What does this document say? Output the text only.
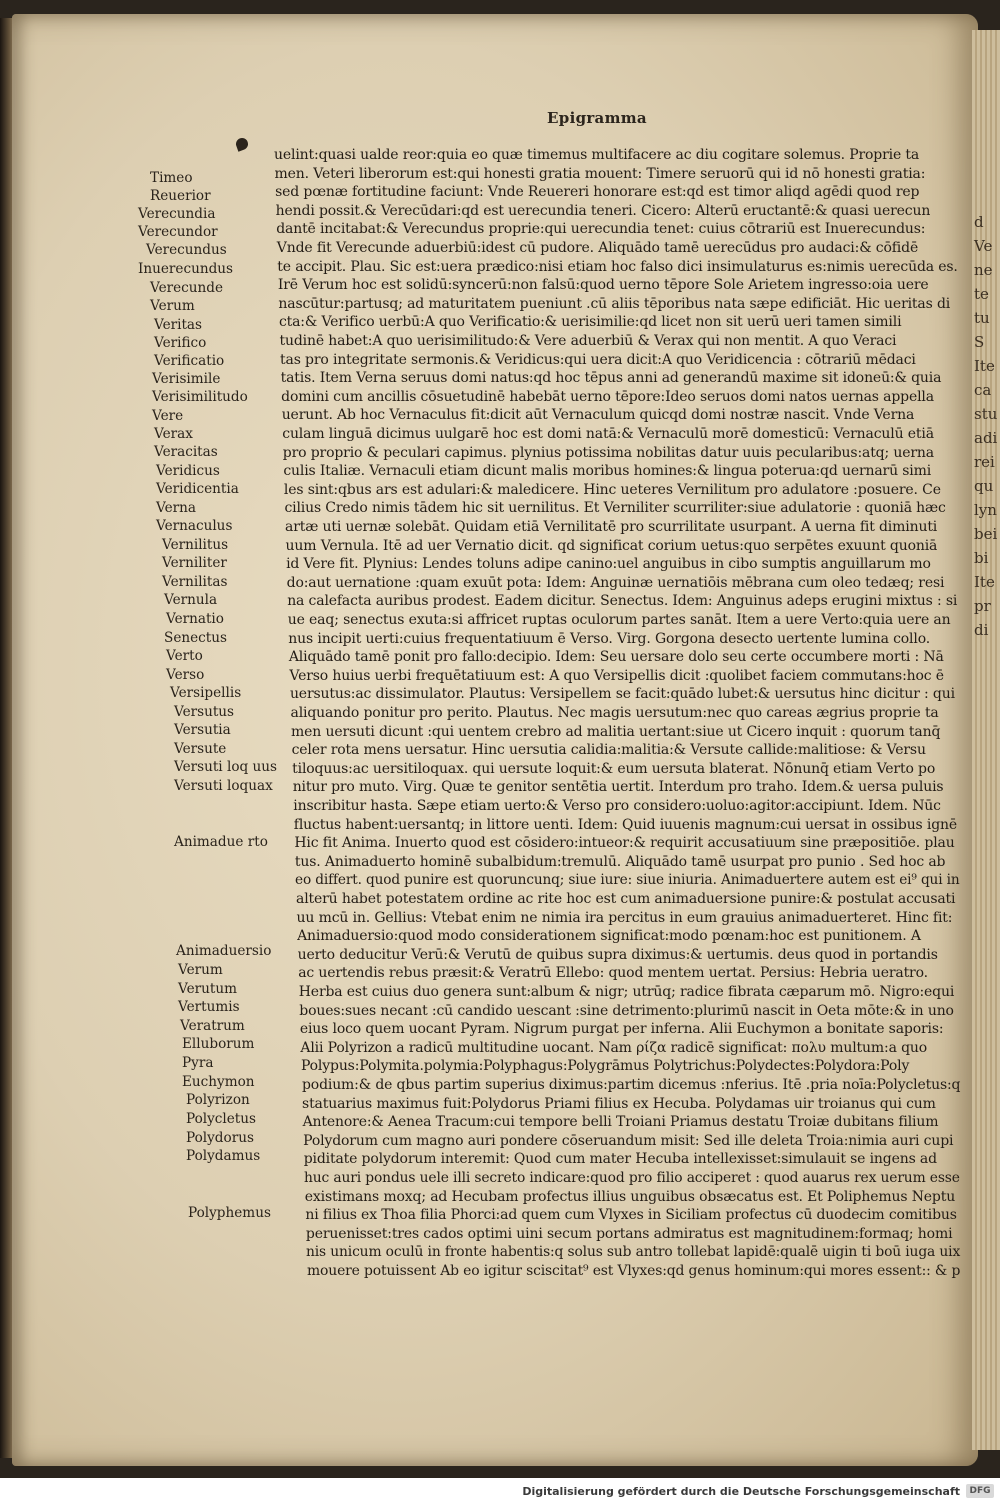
Epigramma
Timeo
Reuerior
Verecundia
Verecundor
Verecundus
Inuerecundus
Verecunde
Verum
Veritas
Verifico
Verificatio
Verisimile
Verisimilitudo
Vere
Verax
Veracitas
Veridicus
Veridicentia
Verna
Vernaculus
Vernilitus
Verniliter
Vernilitas
Vernula
Vernatio
Senectus
Verto
Verso
Versipellis
Versutus
Versutia
Versute
Versuti loq uus
Versuti loquax
Animadue rto
Animaduersio
Verum
Verutum
Vertumis
Veratrum
Elluborum
Pyra
Euchymon
Polyrizon
Polycletus
Polydorus
Polydamus
Polyphemus
uelint:quasi ualde reor:quia eo quæ timemus multifacere ac diu cogitare solemus. Proprie ta
men. Veteri liberorum est:qui honesti gratia mouent: Timere seruorū qui id nō honesti gratia:
sed pœnæ fortitudine faciunt: Vnde Reuereri honorare est:qd est timor aliqd agēdi quod rep
hendi possit.& Verecūdari:qd est uerecundia teneri. Cicero: Alterū eructantē:& quasi uerecun
dantē incitabat:& Verecundus proprie:qui uerecundia tenet: cuius cōtrariū est Inuerecundus:
Vnde fit Verecunde aduerbiū:idest cū pudore. Aliquādo tamē uerecūdus pro audaci:& cōfidē
te accipit. Plau. Sic est:uera prædico:nisi etiam hoc falso dici insimulaturus es:nimis uerecūda es.
Irē Verum hoc est solidū:syncerū:non falsū:quod uerno tēpore Sole Arietem ingresso:oia uere
nascūtur:partusq; ad maturitatem pueniunt .cū aliis tēporibus nata sæpe edificiāt. Hic ueritas di
cta:& Verifico uerbū:A quo Verificatio:& uerisimilie:qd licet non sit uerū ueri tamen simili
tudinē habet:A quo uerisimilitudo:& Vere aduerbiū & Verax qui non mentit. A quo Veraci
tas pro integritate sermonis.& Veridicus:qui uera dicit:A quo Veridicencia : cōtrariū mēdaci
tatis. Item Verna seruus domi natus:qd hoc tēpus anni ad generandū maxime sit idoneū:& quia
domini cum ancillis cōsuetudinē habebāt uerno tēpore:Ideo seruos domi natos uernas appella
uerunt. Ab hoc Vernaculus fit:dicit aūt Vernaculum quicqd domi nostræ nascit. Vnde Verna
culam linguā dicimus uulgarē hoc est domi natā:& Vernaculū morē domesticū: Vernaculū etiā
pro proprio & peculari capimus. plynius potissima nobilitas datur uuis pecularibus:atq; uerna
culis Italiæ. Vernaculi etiam dicunt malis moribus homines:& lingua poterua:qd uernarū simi
les sint:qbus ars est adulari:& maledicere. Hinc ueteres Vernilitum pro adulatore :posuere. Ce
cilius Credo nimis tādem hic sit uernilitus. Et Verniliter scurriliter:siue adulatorie : quoniā hæc
artæ uti uernæ solebāt. Quidam etiā Vernilitatē pro scurrilitate usurpant. A uerna fit diminuti
uum Vernula. Itē ad uer Vernatio dicit. qd significat corium uetus:quo serpētes exuunt quoniā
id Vere fit. Plynius: Lendes toluns adipe canino:uel anguibus in cibo sumptis anguillarum mo
do:aut uernatione :quam exuūt pota: Idem: Anguinæ uernatiōis mēbrana cum oleo tedæq; resi
na calefacta auribus prodest. Eadem dicitur. Senectus. Idem: Anguinus adeps erugini mixtus : si
ue eaq; senectus exuta:si affricet ruptas oculorum partes sanāt. Item a uere Verto:quia uere an
nus incipit uerti:cuius frequentatiuum ē Verso. Virg. Gorgona desecto uertente lumina collo.
Aliquādo tamē ponit pro fallo:decipio. Idem: Seu uersare dolo seu certe occumbere morti : Nā
Verso huius uerbi frequētatiuum est: A quo Versipellis dicit :quolibet faciem commutans:hoc ē
uersutus:ac dissimulator. Plautus: Versipellem se facit:quādo lubet:& uersutus hinc dicitur : qui
aliquando ponitur pro perito. Plautus. Nec magis uersutum:nec quo careas ægrius proprie ta
men uersuti dicunt :qui uentem crebro ad malitia uertant:siue ut Cicero inquit : quorum tanq̄
celer rota mens uersatur. Hinc uersutia calidia:malitia:& Versute callide:malitiose: & Versu
tiloquus:ac uersitiloquax. qui uersute loquit:& eum uersuta blaterat. Nōnunq̄ etiam Verto po
nitur pro muto. Virg. Quæ te genitor sentētia uertit. Interdum pro traho. Idem.& uersa puluis
inscribitur hasta. Sæpe etiam uerto:& Verso pro considero:uoluo:agitor:accipiunt. Idem. Nūc
fluctus habent:uersantq; in littore uenti. Idem: Quid iuuenis magnum:cui uersat in ossibus ignē
Hic fit Anima. Inuerto quod est cōsidero:intueor:& requirit accusatiuum sine præpositiōe. plau
tus. Animaduerto hominē subalbidum:tremulū. Aliquādo tamē usurpat pro punio . Sed hoc ab
eo differt. quod punire est quoruncunq; siue iure: siue iniuria. Animaduertere autem est ei⁹ qui in
alterū habet potestatem ordine ac rite hoc est cum animaduersione punire:& postulat accusati
uu mcū in. Gellius: Vtebat enim ne nimia ira percitus in eum grauius animaduerteret. Hinc fit:
Animaduersio:quod modo considerationem significat:modo pœnam:hoc est punitionem. A
uerto deducitur Verū:& Verutū de quibus supra diximus:& uertumis. deus quod in portandis
ac uertendis rebus præsit:& Veratrū Ellebo: quod mentem uertat. Persius: Hebria ueratro.
Herba est cuius duo genera sunt:album & nigr; utrūq; radice fibrata cæparum mō. Nigro:equi
boues:sues necant :cū candido uescant :sine detrimento:plurimū nascit in Oeta mōte:& in uno
eius loco quem uocant Pyram. Nigrum purgat per inferna. Alii Euchymon a bonitate saporis:
Alii Polyrizon a radicū multitudine uocant. Nam ρίζα radicē significat: πολυ multum:a quo
Polypus:Polymita.polymia:Polyphagus:Polygrāmus Polytrichus:Polydectes:Polydora:Poly
podium:& de qbus partim superius diximus:partim dicemus :nferius. Itē .pria noīa:Polycletus:q
statuarius maximus fuit:Polydorus Priami filius ex Hecuba. Polydamas uir troianus qui cum
Antenore:& Aenea Tracum:cui tempore belli Troiani Priamus destatu Troiæ dubitans filium
Polydorum cum magno auri pondere cōseruandum misit: Sed ille deleta Troia:nimia auri cupi
piditate polydorum interemit: Quod cum mater Hecuba intellexisset:simulauit se ingens ad
huc auri pondus uele illi secreto indicare:quod pro filio acciperet : quod auarus rex uerum esse
existimans moxq; ad Hecubam profectus illius unguibus obsæcatus est. Et Poliphemus Neptu
ni filius ex Thoa filia Phorci:ad quem cum Vlyxes in Siciliam profectus cū duodecim comitibus
peruenisset:tres cados optimi uini secum portans admiratus est magnitudinem:formaq; homi
nis unicum oculū in fronte habentis:q solus sub antro tollebat lapidē:qualē uigin ti boū iuga uix
mouere potuissent Ab eo igitur sciscitat⁹ est Vlyxes:qd genus hominum:qui mores essent:: & p
d
Ve
ne
te
tu
S
Ite
ca
stu
adi
rei
qu
lyn
bei
bi
Ite
pr
di
Digitalisierung gefördert durch die Deutsche Forschungsgemeinschaft	DFG
